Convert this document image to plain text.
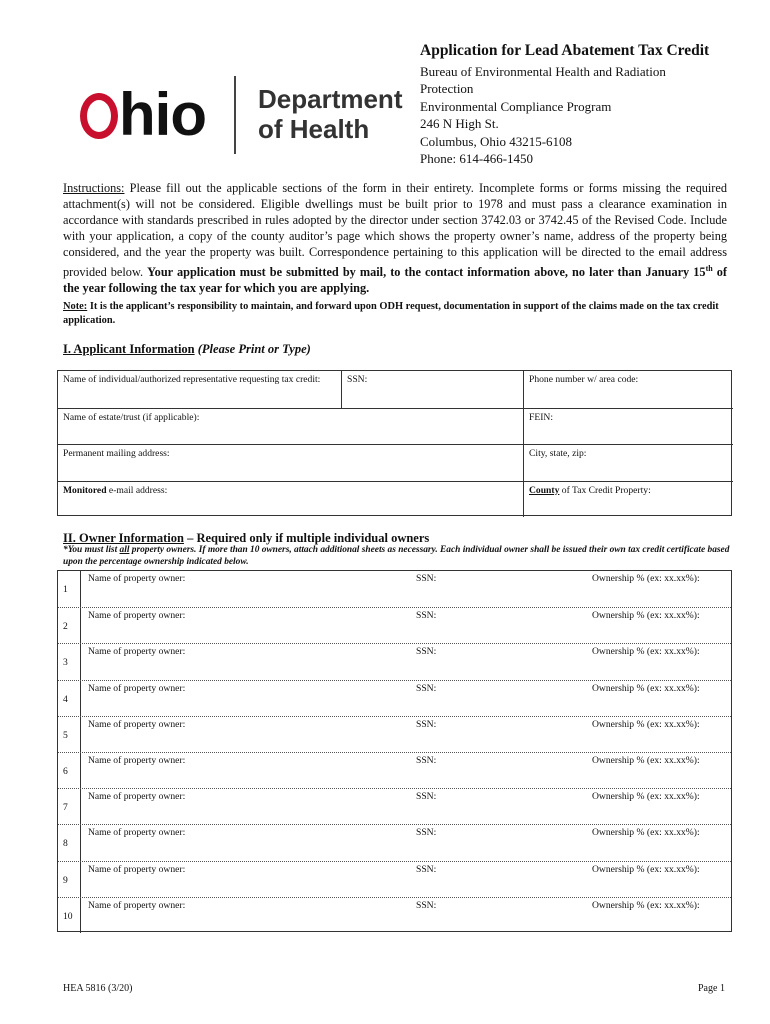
hio Department
of Health
Application for Lead Abatement Tax Credit
Bureau of Environmental Health and Radiation
Protection
Environmental Compliance Program
246 N High St.
Columbus, Ohio 43215-6108
Phone: 614-466-1450
Instructions: Please fill out the applicable sections of the form in their entirety. Incomplete forms or forms missing the required attachment(s) will not be considered. Eligible dwellings must be built prior to 1978 and must pass a clearance examination in accordance with standards prescribed in rules adopted by the director under section 3742.03 or 3742.45 of the Revised Code. Include with your application, a copy of the county auditor’s page which shows the property owner’s name, address of the property being considered, and the year the property was built. Correspondence pertaining to this application will be directed to the email address provided below. Your application must be submitted by mail, to the contact information above, no later than January 15th of the year following the tax year for which you are applying.
Note: It is the applicant’s responsibility to maintain, and forward upon ODH request, documentation in support of the claims made on the tax credit application.
I. Applicant Information (Please Print or Type)
Name of individual/authorized representative requesting tax credit:	SSN:	Phone number w/ area code:
Name of estate/trust (if applicable):	FEIN:
Permanent mailing address:	City, state, zip:
Monitored e-mail address:	County of Tax Credit Property:
II. Owner Information – Required only if multiple individual owners
*You must list all property owners. If more than 10 owners, attach additional sheets as necessary. Each individual owner shall be issued their own tax credit certificate based upon the percentage ownership indicated below.
1
Name of property owner:	SSN:	Ownership % (ex: xx.xx%):
2
Name of property owner:	SSN:	Ownership % (ex: xx.xx%):
3
Name of property owner:	SSN:	Ownership % (ex: xx.xx%):
4
Name of property owner:	SSN:	Ownership % (ex: xx.xx%):
5
Name of property owner:	SSN:	Ownership % (ex: xx.xx%):
6
Name of property owner:	SSN:	Ownership % (ex: xx.xx%):
7
Name of property owner:	SSN:	Ownership % (ex: xx.xx%):
8
Name of property owner:	SSN:	Ownership % (ex: xx.xx%):
9
Name of property owner:	SSN:	Ownership % (ex: xx.xx%):
10
Name of property owner:	SSN:	Ownership % (ex: xx.xx%):
HEA 5816 (3/20)	Page 1
